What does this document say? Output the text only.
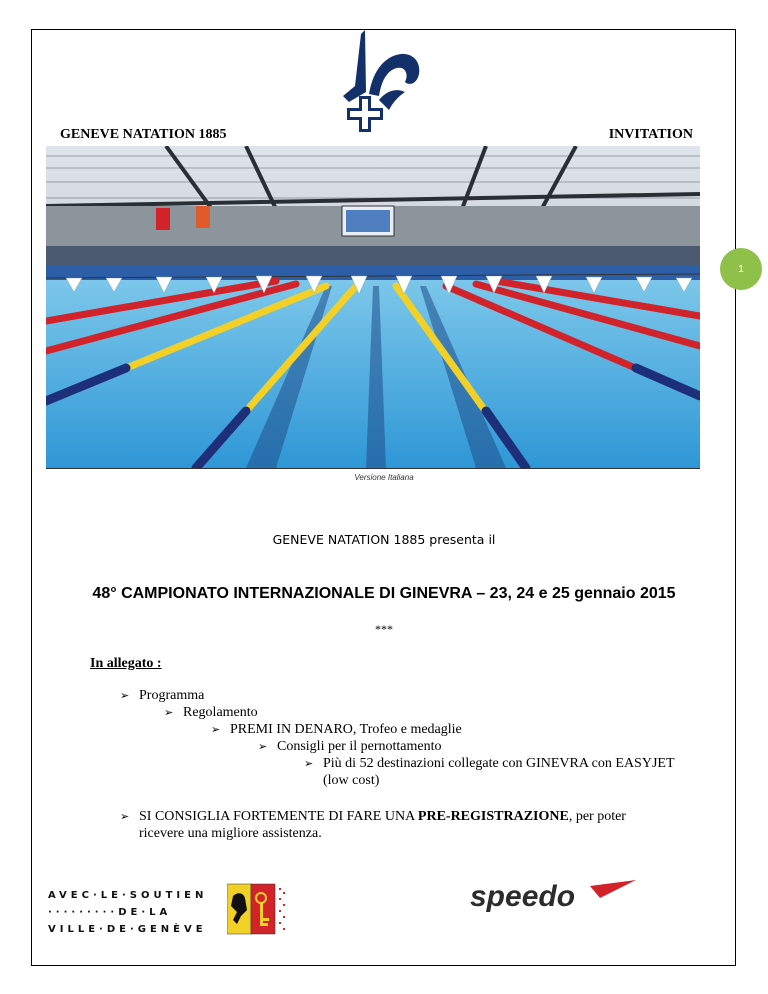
GENEVE NATATION 1885	INVITATION
Versione Italiana
1
GENEVE NATATION 1885 presenta il
48° CAMPIONATO INTERNAZIONALE DI GINEVRA – 23, 24 e 25 gennaio 2015
***
In allegato :
➢ Programma
➢ Regolamento
➢ PREMI IN DENARO, Trofeo e medaglie
➢ Consigli per il pernottamento
➢ Più di 52 destinazioni collegate con GINEVRA con EASYJET
(low cost)
➢ SI CONSIGLIA FORTEMENTE DI FARE UNA PRE-REGISTRAZIONE, per poter
ricevere una migliore assistenza.
AVEC·LE·SOUTIEN
·········DE·LA
VILLE·DE·GENÈVE
speedo
